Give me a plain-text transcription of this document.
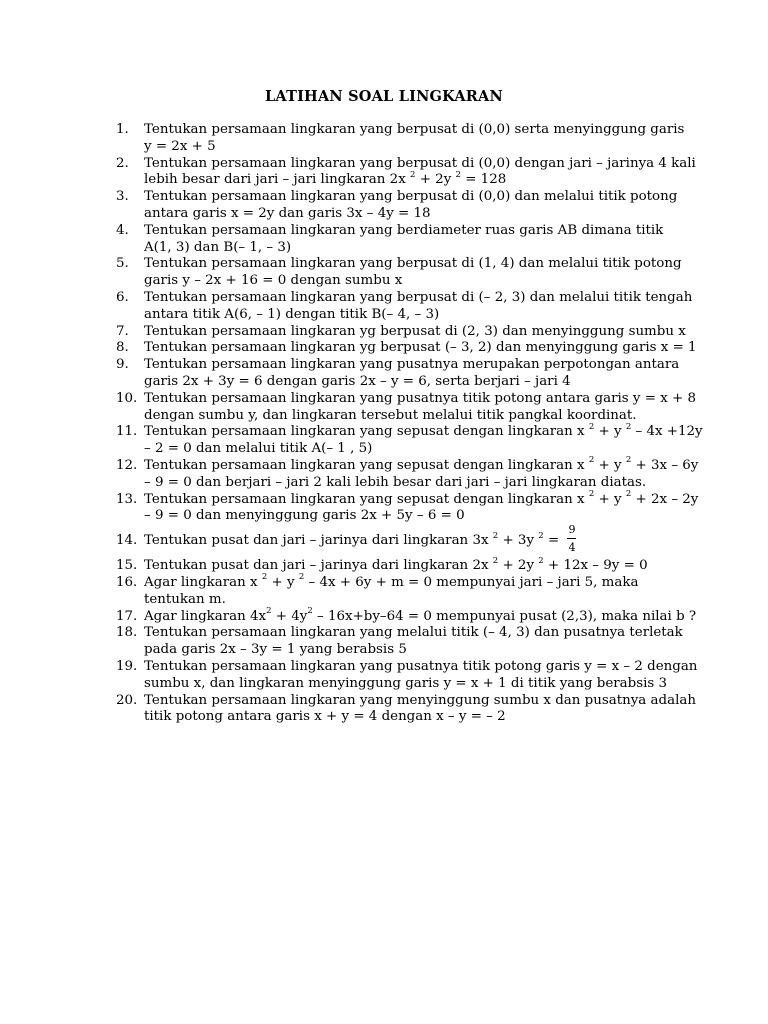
LATIHAN SOAL LINGKARAN
1.	Tentukan persamaan lingkaran yang berpusat di (0,0) serta menyinggung garis
y = 2x + 5
2.	Tentukan persamaan lingkaran yang berpusat di (0,0) dengan jari – jarinya 4 kali
lebih besar dari jari – jari lingkaran 2x $^2$ + 2y $^2$ = 128
3.	Tentukan persamaan lingkaran yang berpusat di (0,0) dan melalui titik potong
antara garis x = 2y dan garis 3x – 4y = 18
4.	Tentukan persamaan lingkaran yang berdiameter ruas garis AB dimana titik
A(1, 3) dan B(– 1, – 3)
5.	Tentukan persamaan lingkaran yang berpusat di (1, 4) dan melalui titik potong
garis y – 2x + 16 = 0 dengan sumbu x
6.	Tentukan persamaan lingkaran yang berpusat di (– 2, 3) dan melalui titik tengah
antara titik A(6, – 1) dengan titik B(– 4, – 3)
7.	Tentukan persamaan lingkaran yg berpusat di (2, 3) dan menyinggung sumbu x
8.	Tentukan persamaan lingkaran yg berpusat (– 3, 2) dan menyinggung garis x = 1
9.	Tentukan persamaan lingkaran yang pusatnya merupakan perpotongan antara
garis 2x + 3y = 6 dengan garis 2x – y = 6, serta berjari – jari 4
10. Tentukan persamaan lingkaran yang pusatnya titik potong antara garis y = x + 8
dengan sumbu y, dan lingkaran tersebut melalui titik pangkal koordinat.
11. Tentukan persamaan lingkaran yang sepusat dengan lingkaran x $^2$ + y $^2$ – 4x +12y
– 2 = 0 dan melalui titik A(– 1 , 5)
12. Tentukan persamaan lingkaran yang sepusat dengan lingkaran x $^2$ + y $^2$ + 3x – 6y
– 9 = 0 dan berjari – jari 2 kali lebih besar dari jari – jari lingkaran diatas.
13. Tentukan persamaan lingkaran yang sepusat dengan lingkaran x $^2$ + y $^2$ + 2x – 2y
– 9 = 0 dan menyinggung garis 2x + 5y – 6 = 0
14. Tentukan pusat dan jari – jarinya dari lingkaran 3x $^2$ + 3y $^2 = \frac{9}{4}$
15. Tentukan pusat dan jari – jarinya dari lingkaran 2x $^2$ + 2y $^2$ + 12x – 9y = 0
16. Agar lingkaran x $^2$ + y $^2$ – 4x + 6y + m = 0 mempunyai jari – jari 5, maka
tentukan m.
17. Agar lingkaran $4x^2 + 4y^2 - 16x+by-64 = 0$ mempunyai pusat (2,3), maka nilai b ?
18. Tentukan persamaan lingkaran yang melalui titik (– 4, 3) dan pusatnya terletak
pada garis 2x – 3y = 1 yang berabsis 5
19. Tentukan persamaan lingkaran yang pusatnya titik potong garis y = x – 2 dengan
sumbu x, dan lingkaran menyinggung garis y = x + 1 di titik yang berabsis 3
20. Tentukan persamaan lingkaran yang menyinggung sumbu x dan pusatnya adalah
titik potong antara garis x + y = 4 dengan x – y = – 2
